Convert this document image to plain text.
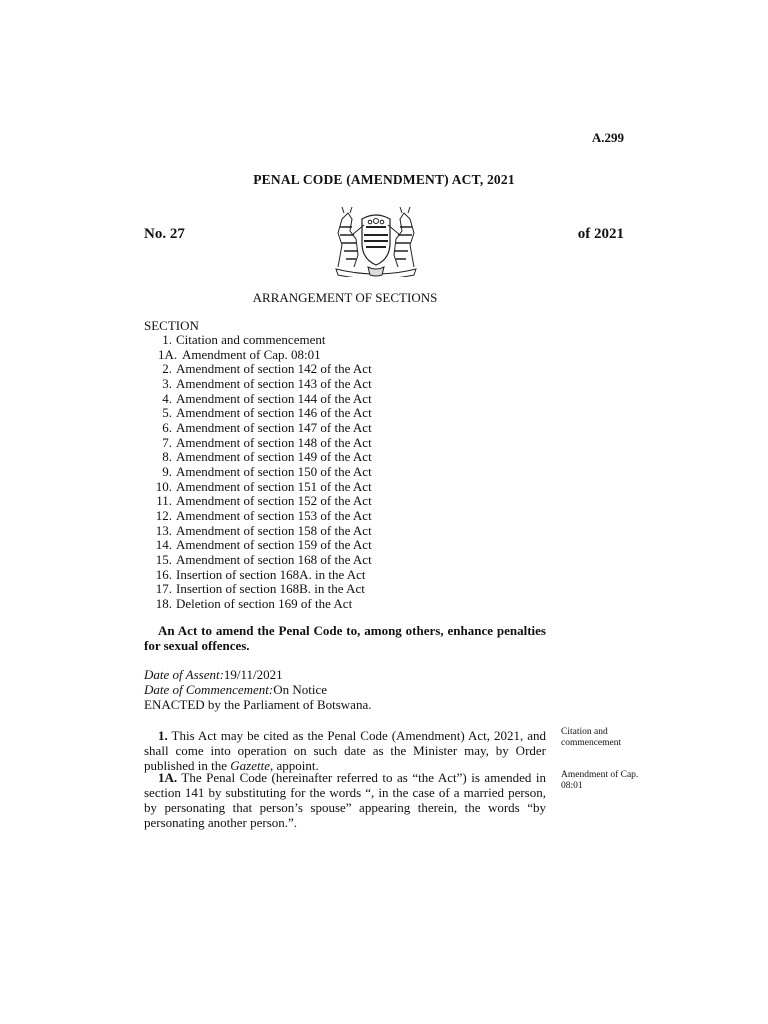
A.299
PENAL CODE (AMENDMENT) ACT, 2021
No. 27	of 2021
ARRANGEMENT OF SECTIONS
SECTION
1. Citation and commencement
1A. Amendment of Cap. 08:01
2. Amendment of section 142 of the Act
3. Amendment of section 143 of the Act
4. Amendment of section 144 of the Act
5. Amendment of section 146 of the Act
6. Amendment of section 147 of the Act
7. Amendment of section 148 of the Act
8. Amendment of section 149 of the Act
9. Amendment of section 150 of the Act
10. Amendment of section 151 of the Act
11. Amendment of section 152 of the Act
12. Amendment of section 153 of the Act
13. Amendment of section 158 of the Act
14. Amendment of section 159 of the Act
15. Amendment of section 168 of the Act
16. Insertion of section 168A. in the Act
17. Insertion of section 168B. in the Act
18. Deletion of section 169 of the Act
An Act to amend the Penal Code to, among others, enhance penalties for sexual offences.
Date of Assent:19/11/2021
Date of Commencement:On Notice
ENACTED by the Parliament of Botswana.
1. This Act may be cited as the Penal Code (Amendment) Act, 2021, and shall come into operation on such date as the Minister may, by Order published in the Gazette, appoint.
Citation and commencement
1A. The Penal Code (hereinafter referred to as “the Act”) is amended in section 141 by substituting for the words “, in the case of a married person, by personating that person’s spouse” appearing therein, the words “by personating another person.”.
Amendment of Cap. 08:01
